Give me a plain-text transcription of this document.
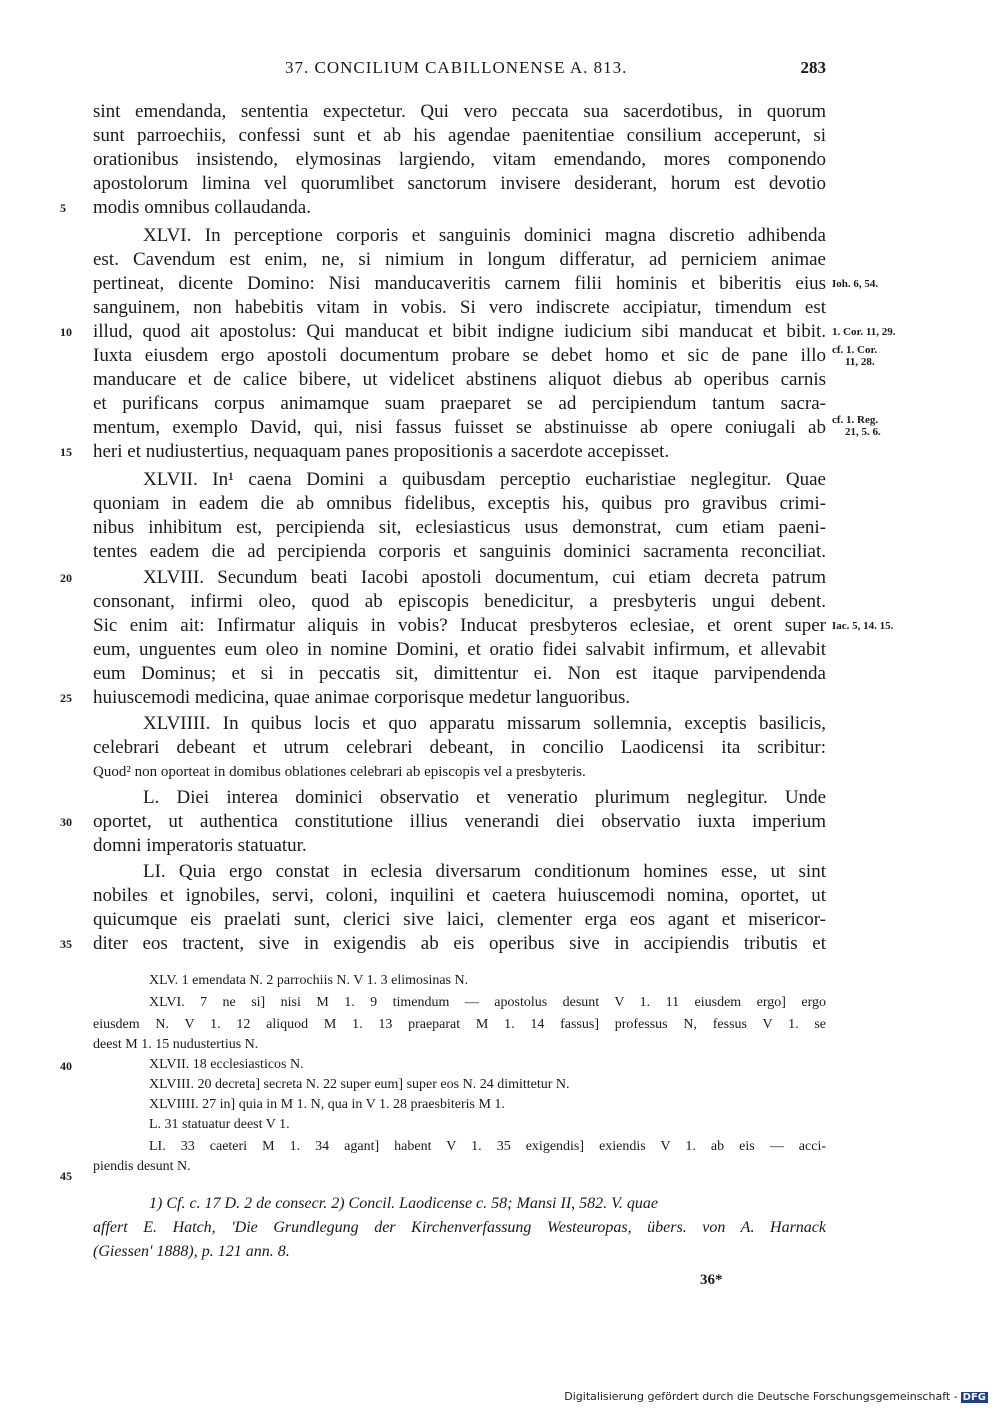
37. CONCILIUM CABILLONENSE A. 813.	283
sint emendanda, sententia expectetur. Qui vero peccata sua sacerdotibus, in quorum
sunt parroechiis, confessi sunt et ab his agendae paenitentiae consilium acceperunt, si
orationibus insistendo, elymosinas largiendo, vitam emendando, mores componendo
apostolorum limina vel quorumlibet sanctorum invisere desiderant, horum est devotio
modis omnibus collaudanda.
XLVI. In perceptione corporis et sanguinis dominici magna discretio adhibenda
est. Cavendum est enim, ne, si nimium in longum differatur, ad perniciem animae
pertineat, dicente Domino: Nisi manducaveritis carnem filii hominis et biberitis eius
sanguinem, non habebitis vitam in vobis. Si vero indiscrete accipiatur, timendum est
illud, quod ait apostolus: Qui manducat et bibit indigne iudicium sibi manducat et bibit.
Iuxta eiusdem ergo apostoli documentum probare se debet homo et sic de pane illo
manducare et de calice bibere, ut videlicet abstinens aliquot diebus ab operibus carnis
et purificans corpus animamque suam praeparet se ad percipiendum tantum sacra-
mentum, exemplo David, qui, nisi fassus fuisset se abstinuisse ab opere coniugali ab
heri et nudiustertius, nequaquam panes propositionis a sacerdote accepisset.
XLVII. In¹ caena Domini a quibusdam perceptio eucharistiae neglegitur. Quae
quoniam in eadem die ab omnibus fidelibus, exceptis his, quibus pro gravibus crimi-
nibus inhibitum est, percipienda sit, eclesiasticus usus demonstrat, cum etiam paeni-
tentes eadem die ad percipienda corporis et sanguinis dominici sacramenta reconciliat.
XLVIII. Secundum beati Iacobi apostoli documentum, cui etiam decreta patrum
consonant, infirmi oleo, quod ab episcopis benedicitur, a presbyteris ungui debent.
Sic enim ait: Infirmatur aliquis in vobis? Inducat presbyteros eclesiae, et orent super
eum, unguentes eum oleo in nomine Domini, et oratio fidei salvabit infirmum, et allevabit
eum Dominus; et si in peccatis sit, dimittentur ei. Non est itaque parvipendenda
huiuscemodi medicina, quae animae corporisque medetur languoribus.
XLVIIII. In quibus locis et quo apparatu missarum sollemnia, exceptis basilicis,
celebrari debeant et utrum celebrari debeant, in concilio Laodicensi ita scribitur:
Quod² non oporteat in domibus oblationes celebrari ab episcopis vel a presbyteris.
L. Diei interea dominici observatio et veneratio plurimum neglegitur. Unde
oportet, ut authentica constitutione illius venerandi diei observatio iuxta imperium
domni imperatoris statuatur.
LI. Quia ergo constat in eclesia diversarum conditionum homines esse, ut sint
nobiles et ignobiles, servi, coloni, inquilini et caetera huiuscemodi nomina, oportet, ut
quicumque eis praelati sunt, clerici sive laici, clementer erga eos agant et misericor-
diter eos tractent, sive in exigendis ab eis operibus sive in accipiendis tributis et
5
10
15
20
25
30
35
40
45
Ioh. 6, 54.
1. Cor. 11, 29.
cf. 1. Cor.
11, 28.
cf. 1. Reg.
21, 5. 6.
Iac. 5, 14. 15.
XLV. 1 emendata N. 2 parrochiis N. V 1. 3 elimosinas N.
XLVI. 7 ne si] nisi M 1. 9 timendum — apostolus desunt V 1. 11 eiusdem ergo] ergo
eiusdem N. V 1. 12 aliquod M 1. 13 praeparat M 1. 14 fassus] professus N, fessus V 1. se
deest M 1. 15 nudustertius N.
XLVII. 18 ecclesiasticos N.
XLVIII. 20 decreta] secreta N. 22 super eum] super eos N. 24 dimittetur N.
XLVIIII. 27 in] quia in M 1. N, qua in V 1. 28 praesbiteris M 1.
L. 31 statuatur deest V 1.
LI. 33 caeteri M 1. 34 agant] habent V 1. 35 exigendis] exiendis V 1. ab eis — acci-
piendis desunt N.
1) Cf. c. 17 D. 2 de consecr. 2) Concil. Laodicense c. 58; Mansi II, 582. V. quae
affert E. Hatch, 'Die Grundlegung der Kirchenverfassung Westeuropas, übers. von A. Harnack
(Giessen' 1888), p. 121 ann. 8.
36*
Digitalisierung gefördert durch die Deutsche Forschungsgemeinschaft - DFG
